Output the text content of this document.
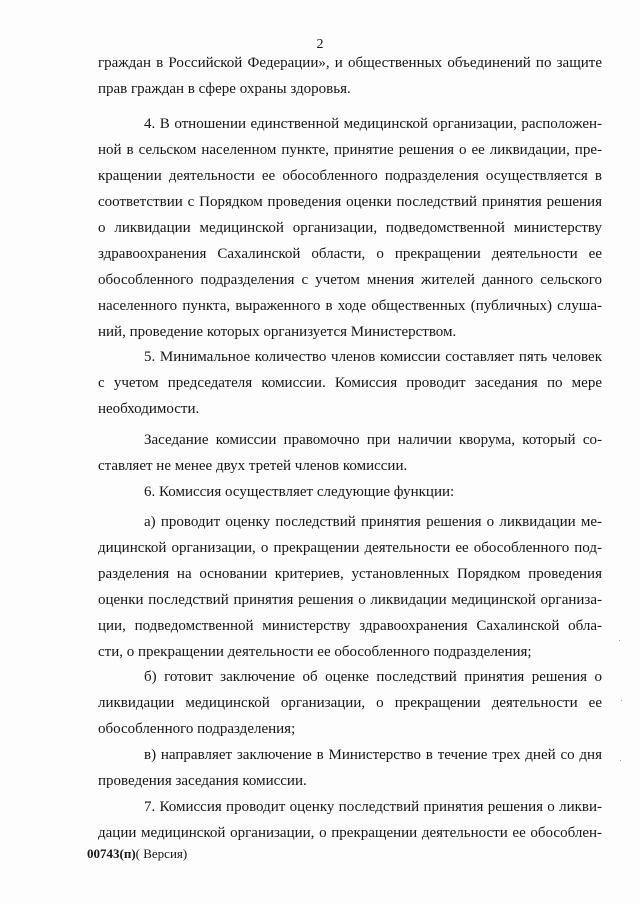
2
граждан в Российской Федерации», и общественных объединений по защите
прав граждан в сфере охраны здоровья.
4. В отношении единственной медицинской организации, расположен-
ной в сельском населенном пункте, принятие решения о ее ликвидации, пре-
кращении деятельности ее обособленного подразделения осуществляется в
соответствии с Порядком проведения оценки последствий принятия решения
о ликвидации медицинской организации, подведомственной министерству
здравоохранения Сахалинской области, о прекращении деятельности ее
обособленного подразделения с учетом мнения жителей данного сельского
населенного пункта, выраженного в ходе общественных (публичных) слуша-
ний, проведение которых организуется Министерством.
5. Минимальное количество членов комиссии составляет пять человек
с учетом председателя комиссии. Комиссия проводит заседания по мере
необходимости.
Заседание комиссии правомочно при наличии кворума, который со-
ставляет не менее двух третей членов комиссии.
6. Комиссия осуществляет следующие функции:
а) проводит оценку последствий принятия решения о ликвидации ме-
дицинской организации, о прекращении деятельности ее обособленного под-
разделения на основании критериев, установленных Порядком проведения
оценки последствий принятия решения о ликвидации медицинской организа-
ции, подведомственной министерству здравоохранения Сахалинской обла-
сти, о прекращении деятельности ее обособленного подразделения;
б) готовит заключение об оценке последствий принятия решения о
ликвидации медицинской организации, о прекращении деятельности ее
обособленного подразделения;
в) направляет заключение в Министерство в течение трех дней со дня
проведения заседания комиссии.
7. Комиссия проводит оценку последствий принятия решения о ликви-
дации медицинской организации, о прекращении деятельности ее обособлен-
00743(п)( Версия)
